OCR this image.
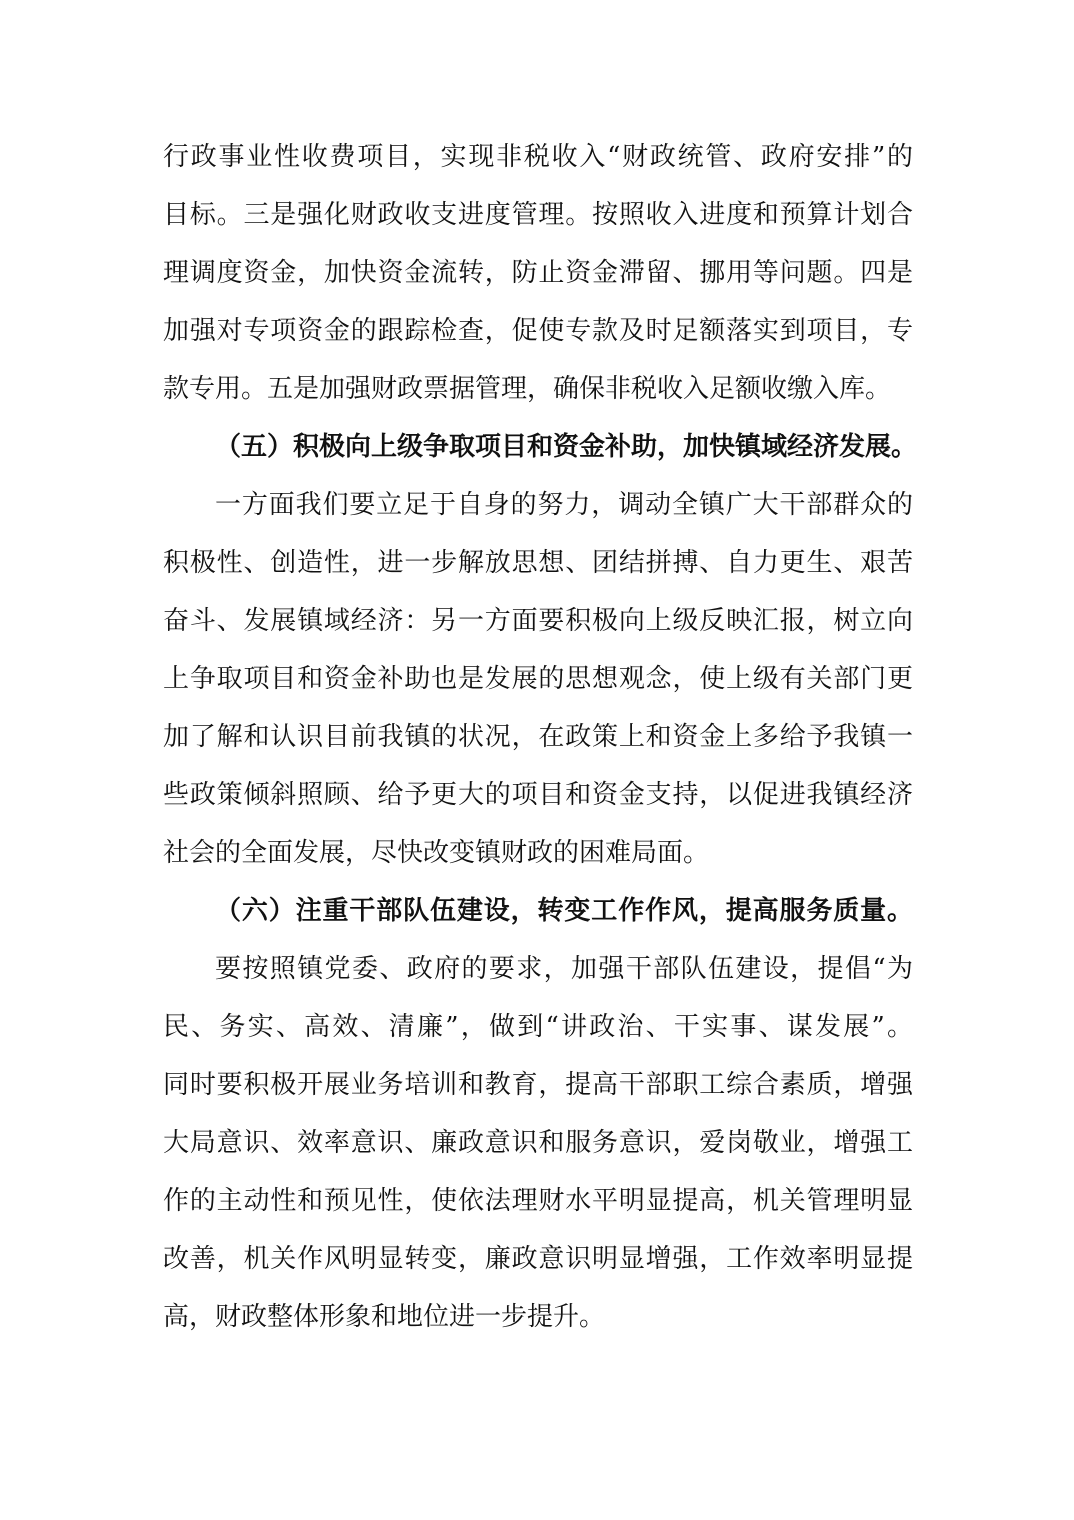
行政事业性收费项目，实现非税收入“财政统管、政府安排”的
目标。三是强化财政收支进度管理。按照收入进度和预算计划合
理调度资金，加快资金流转，防止资金滞留、挪用等问题。四是
加强对专项资金的跟踪检查，促使专款及时足额落实到项目，专
款专用。五是加强财政票据管理，确保非税收入足额收缴入库。
（五）积极向上级争取项目和资金补助，加快镇域经济发展。
一方面我们要立足于自身的努力，调动全镇广大干部群众的
积极性、创造性，进一步解放思想、团结拼搏、自力更生、艰苦
奋斗、发展镇域经济：另一方面要积极向上级反映汇报，树立向
上争取项目和资金补助也是发展的思想观念，使上级有关部门更
加了解和认识目前我镇的状况，在政策上和资金上多给予我镇一
些政策倾斜照顾、给予更大的项目和资金支持，以促进我镇经济
社会的全面发展，尽快改变镇财政的困难局面。
（六）注重干部队伍建设，转变工作作风，提高服务质量。
要按照镇党委、政府的要求，加强干部队伍建设，提倡“为
民、务实、高效、清廉”，做到“讲政治、干实事、谋发展”。
同时要积极开展业务培训和教育，提高干部职工综合素质，增强
大局意识、效率意识、廉政意识和服务意识，爱岗敬业，增强工
作的主动性和预见性，使依法理财水平明显提高，机关管理明显
改善，机关作风明显转变，廉政意识明显增强，工作效率明显提
高，财政整体形象和地位进一步提升。
